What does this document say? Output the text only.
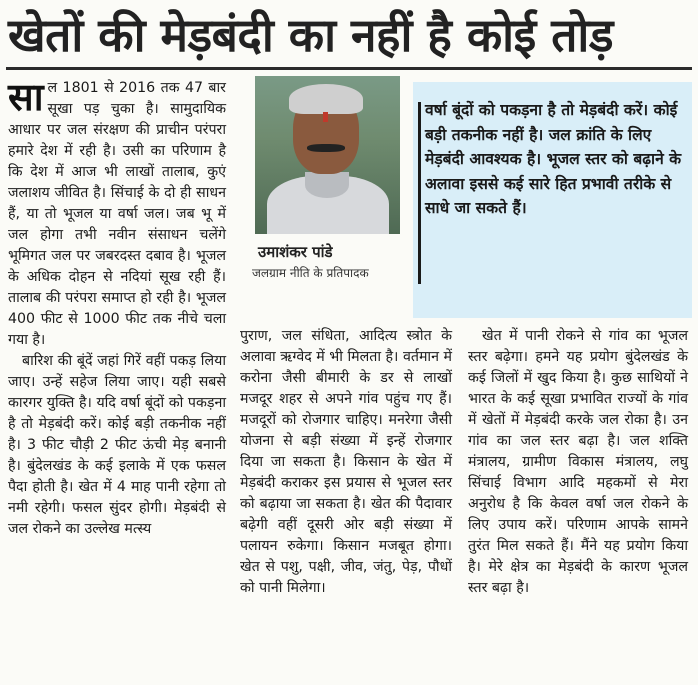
खेतों की मेड़बंदी का नहीं है कोई तोड़

साल 1801 से 2016 तक 47 बार सूखा पड़ चुका है। सामुदायिक आधार पर जल संरक्षण की प्राचीन परंपरा हमारे देश में रही है। उसी का परिणाम है कि देश में आज भी लाखों तालाब, कुएं जलाशय जीवित है। सिंचाई के दो ही साधन हैं, या तो भूजल या वर्षा जल। जब भू में जल होगा तभी नवीन संसाधन चलेंगे भूमिगत जल पर जबरदस्त दबाव है। भूजल के अधिक दोहन से नदियां सूख रही हैं। तालाब की परंपरा समाप्त हो रही है। भूजल 400 फीट से 1000 फीट तक नीचे चला गया है।

बारिश की बूंदें जहां गिरें वहीं पकड़ लिया जाए। उन्हें सहेज लिया जाए। यही सबसे कारगर युक्ति है। यदि वर्षा बूंदों को पकड़ना है तो मेड़बंदी करें। कोई बड़ी तकनीक नहीं है। 3 फीट चौड़ी 2 फीट ऊंची मेड़ बनानी है। बुंदेलखंड के कई इलाके में एक फसल पैदा होती है। खेत में 4 माह पानी रहेगा तो नमी रहेगी। फसल सुंदर होगी। मेड़बंदी से जल रोकने का उल्लेख मत्स्य

उमाशंकर पांडे
जलग्राम नीति के प्रतिपादक
वर्षा बूंदों को पकड़ना है तो मेड़बंदी करें। कोई बड़ी तकनीक नहीं है। जल क्रांति के लिए मेड़बंदी आवश्यक है। भूजल स्तर को बढ़ाने के अलावा इससे कई सारे हित प्रभावी तरीके से साधे जा सकते हैं।

पुराण, जल संधिता, आदित्य स्त्रोत के अलावा ऋग्वेद में भी मिलता है। वर्तमान में करोना जैसी बीमारी के डर से लाखों मजदूर शहर से अपने गांव पहुंच गए हैं। मजदूरों को रोजगार चाहिए। मनरेगा जैसी योजना से बड़ी संख्या में इन्हें रोजगार दिया जा सकता है। किसान के खेत में मेड़बंदी कराकर इस प्रयास से भूजल स्तर को बढ़ाया जा सकता है। खेत की पैदावार बढ़ेगी वहीं दूसरी ओर बड़ी संख्या में पलायन रुकेगा। किसान मजबूत होगा। खेत से पशु, पक्षी, जीव, जंतु, पेड़, पौधों को पानी मिलेगा।

खेत में पानी रोकने से गांव का भूजल स्तर बढ़ेगा। हमने यह प्रयोग बुंदेलखंड के कई जिलों में खुद किया है। कुछ साथियों ने भारत के कई सूखा प्रभावित राज्यों के गांव में खेतों में मेड़बंदी करके जल रोका है। उन गांव का जल स्तर बढ़ा है। जल शक्ति मंत्रालय, ग्रामीण विकास मंत्रालय, लघु सिंचाई विभाग आदि महकमों से मेरा अनुरोध है कि केवल वर्षा जल रोकने के लिए उपाय करें। परिणाम आपके सामने तुरंत मिल सकते हैं। मैंने यह प्रयोग किया है। मेरे क्षेत्र का मेड़बंदी के कारण भूजल स्तर बढ़ा है।
